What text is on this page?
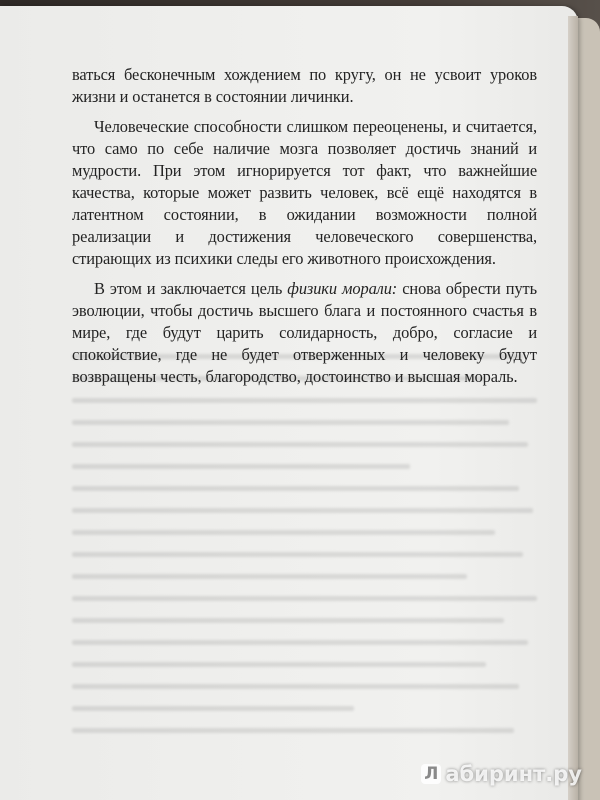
ваться бесконечным хождением по кругу, он не усвоит уроков жизни и останется в состоянии личинки.

Человеческие способности слишком переоценены, и считается, что само по себе наличие мозга позволяет достичь знаний и мудрости. При этом игнорируется тот факт, что важнейшие качества, которые может развить человек, всё ещё находятся в латентном состоянии, в ожидании возможности полной реализации и достижения человеческого совершенства, стирающих из психики следы его животного происхождения.

В этом и заключается цель физики морали: снова обрести путь эволюции, чтобы достичь высшего блага и постоянного счастья в мире, где будут царить солидарность, добро, согласие и спокойствие, где не будет отверженных и человеку будут возвращены честь, благородство, достоинство и высшая мораль.

Л абиринт.ру
